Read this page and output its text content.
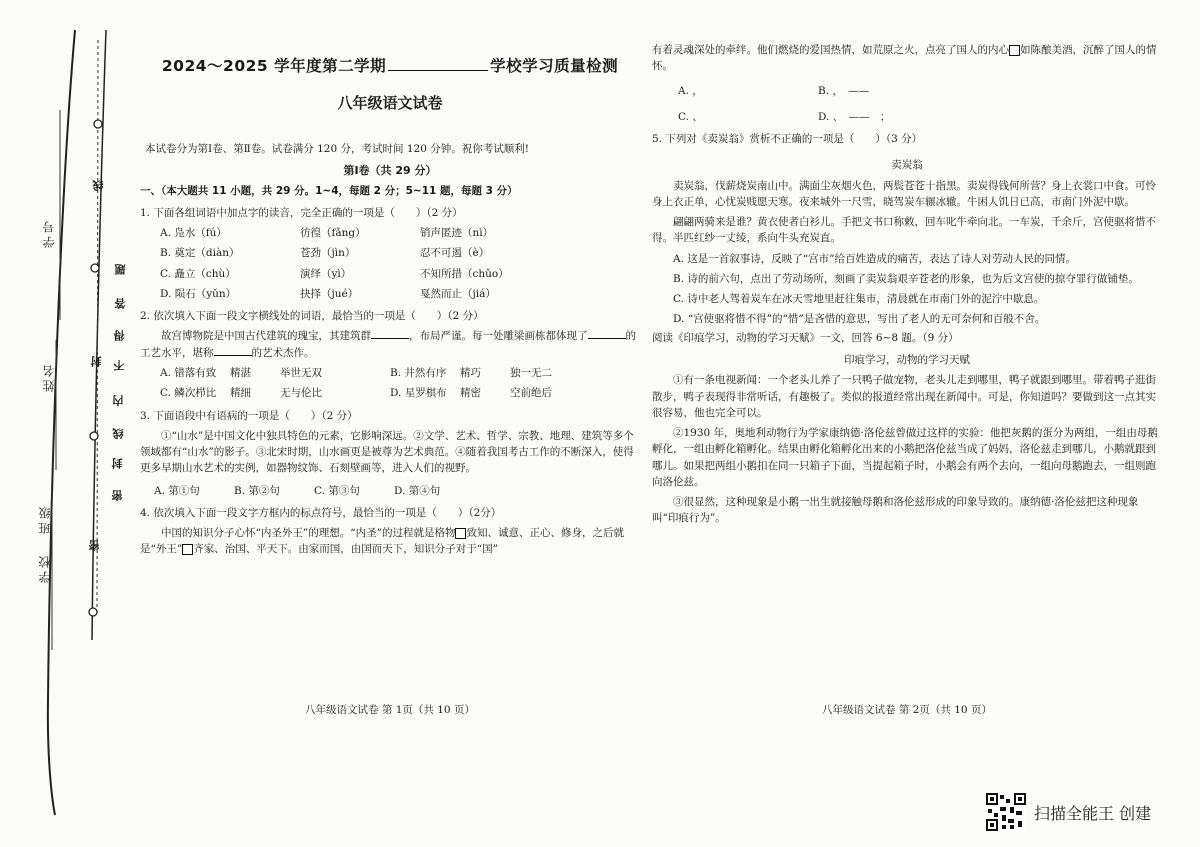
学号
姓名
班级
学校
线
封
密
题
答
得
不
内
线
封
密
2024～2025 学年度第二学期	学校学习质量检测
八年级语文试卷
本试卷分为第Ⅰ卷、第Ⅱ卷。试卷满分 120 分，考试时间 120 分钟。祝你考试顺利!
第Ⅰ卷（共 29 分）
一、（本大题共 11 小题，共 29 分。1~4，每题 2 分；5~11 题，每题 3 分）
1. 下面各组词语中加点字的读音，完全正确的一项是（　　）（2 分）
A. 凫水（fú）	彷徨（fǎng）	销声匿迹（nì）
B. 奠定（diàn）	苍劲（jìn）	忍不可遏（è）
C. 矗立（chù）	演绎（yì）	不知所措（chǔo）
D. 陨石（yǔn）	抉择（jué）	戛然而止（jiá）
2. 依次填入下面一段文字横线处的词语，最恰当的一项是（　　）（2 分）
故宫博物院是中国古代建筑的瑰宝，其建筑群	，布局严谨。每一处雕梁画栋都体现了	的工艺水平，堪称	的艺术杰作。
A. 错落有致	精湛	举世无双	B. 井然有序	精巧	独一无二
C. 鳞次栉比	精细	无与伦比	D. 星罗棋布	精密	空前绝后
3. 下面语段中有语病的一项是（　　）（2 分）
①“山水”是中国文化中独具特色的元素，它影响深远。②文学、艺术、哲学、宗教、地理、建筑等多个领域都有“山水”的影子。③北宋时期，山水画更是被尊为艺术典范。④随着我国考古工作的不断深入，使得更多早期山水艺术的实例，如器物纹饰、石刻壁画等，进入人们的视野。
A. 第①句	B. 第②句	C. 第③句	D. 第④句
4. 依次填入下面一段文字方框内的标点符号，最恰当的一项是（　　）（2分）
中国的知识分子心怀“内圣外王”的理想。“内圣”的过程就是格物 致知、诚意、正心、修身，之后就是“外王” 齐家、治国、平天下。由家而国，由国而天下，知识分子对于“国”
八年级语文试卷 第 1页（共 10 页）
有着灵魂深处的牵绊。他们燃烧的爱国热情，如荒原之火，点亮了国人的内心 如陈酿美酒，沉醉了国人的情怀。
A. ，	B. ，　——
C. 、	D. 、　——　；
5. 下列对《卖炭翁》赏析不正确的一项是（　　）（3 分）
卖炭翁
卖炭翁，伐薪烧炭南山中。满面尘灰烟火色，两鬓苍苍十指黑。卖炭得钱何所营？身上衣裳口中食。可怜身上衣正单，心忧炭贱愿天寒。夜来城外一尺雪，晓驾炭车辗冰辙。牛困人饥日已高，市南门外泥中歇。
翩翩两骑来是谁？黄衣使者白衫儿。手把文书口称敕，回车叱牛牵向北。一车炭，千余斤，宫使驱将惜不得。半匹红纱一丈绫，系向牛头充炭直。
A. 这是一首叙事诗，反映了“宫市”给百姓造成的痛苦，表达了诗人对劳动人民的同情。
B. 诗的前六句，点出了劳动场所，刻画了卖炭翁艰辛苍老的形象，也为后文宫使的掠夺罪行做铺垫。
C. 诗中老人驾着炭车在冰天雪地里赶往集市，清晨就在市南门外的泥泞中歇息。
D. “宫使驱将惜不得”的“惜”是吝惜的意思，写出了老人的无可奈何和百般不舍。
阅读《印痕学习，动物的学习天赋》一文，回答 6~8 题。（9 分）
印痕学习，动物的学习天赋
①有一条电视新闻：一个老头儿养了一只鸭子做宠物，老头儿走到哪里，鸭子就跟到哪里。带着鸭子逛街散步，鸭子表现得非常听话，有趣极了。类似的报道经常出现在新闻中。可是，你知道吗？要做到这一点其实很容易，他也完全可以。
②1930 年，奥地利动物行为学家康纳德·洛伦兹曾做过这样的实验：他把灰鹅的蛋分为两组，一组由母鹅孵化，一组由孵化箱孵化。结果由孵化箱孵化出来的小鹅把洛伦兹当成了妈妈，洛伦兹走到哪儿，小鹅就跟到哪儿。如果把两组小鹅扣在同一只箱子下面，当提起箱子时，小鹅会有两个去向，一组向母鹅跑去，一组则跑向洛伦兹。
③很显然，这种现象是小鹅一出生就接触母鹅和洛伦兹形成的印象导致的。康纳德·洛伦兹把这种现象叫“印痕行为”。
八年级语文试卷 第 2页（共 10 页）
扫描全能王 创建
